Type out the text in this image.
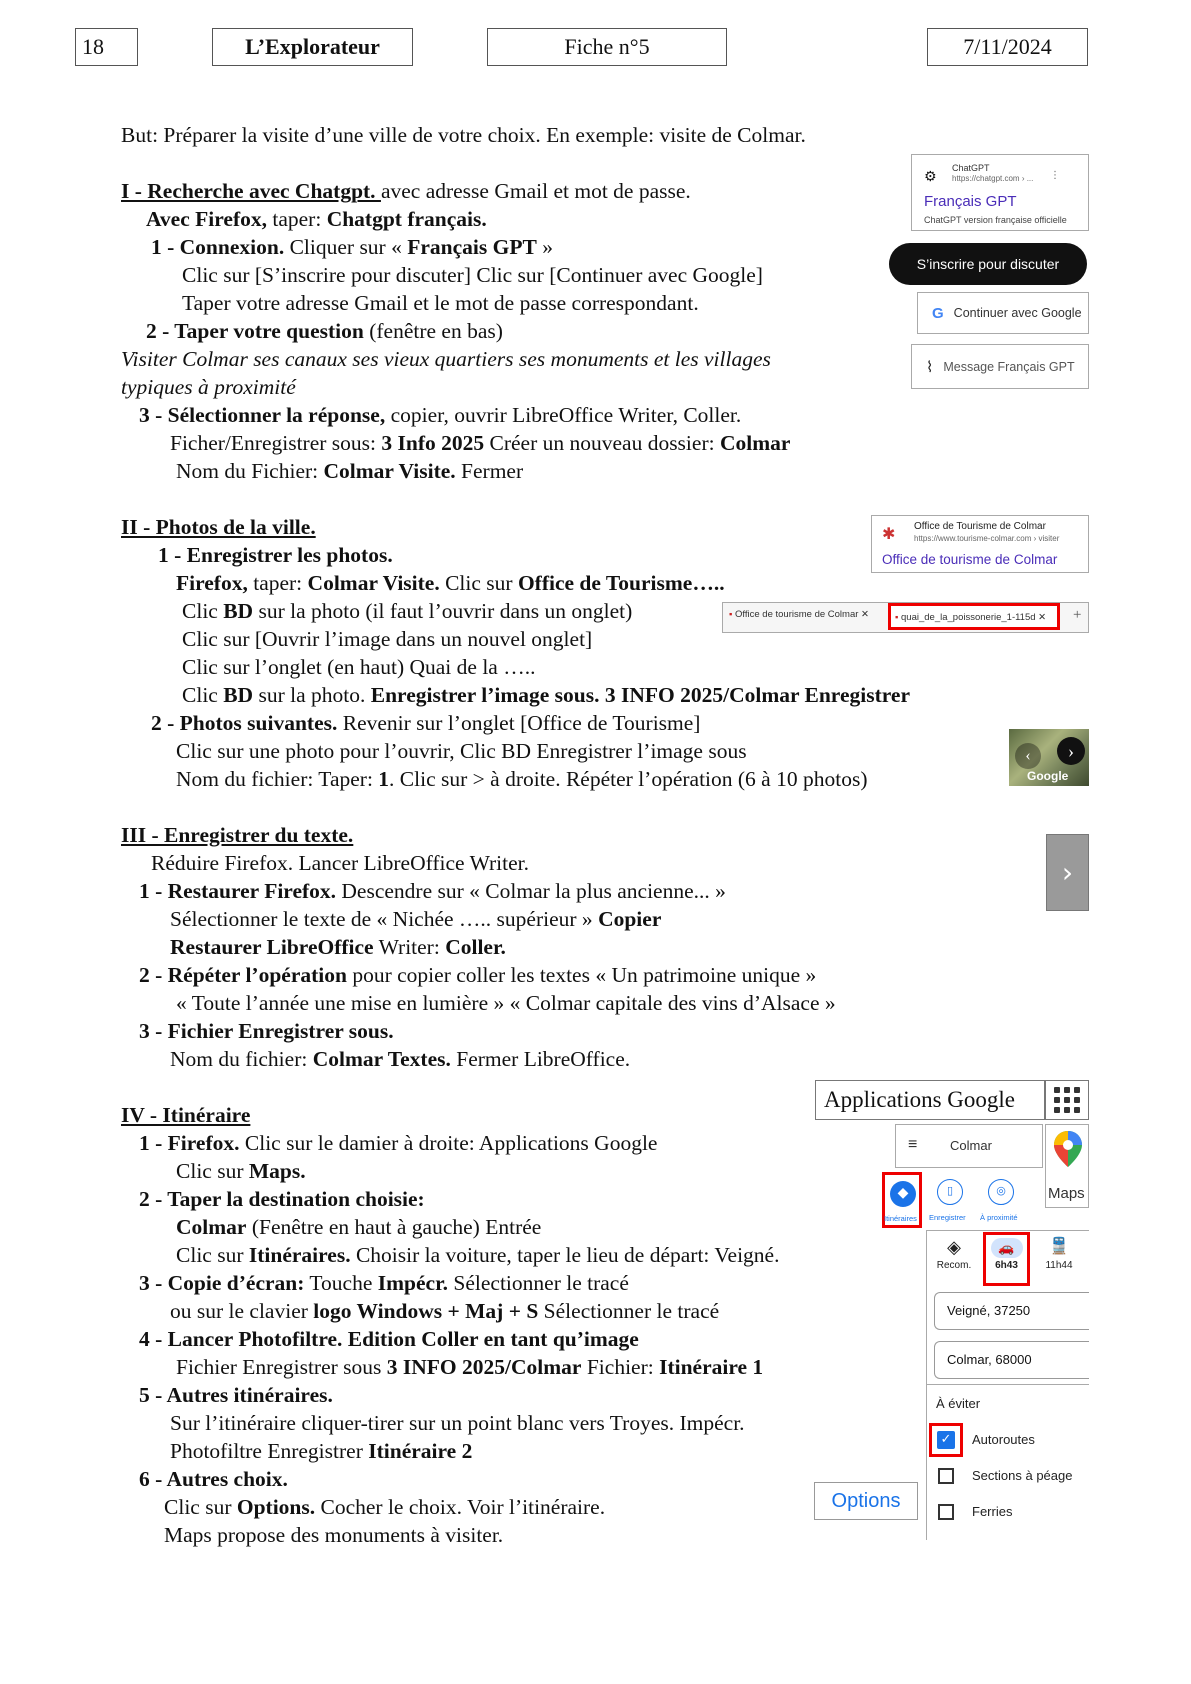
18	L’Explorateur	Fiche n°5	7/11/2024
But: Préparer la visite d’une ville de votre choix. En exemple: visite de Colmar.
I - Recherche avec Chatgpt. avec adresse Gmail et mot de passe.
Avec Firefox, taper: Chatgpt français.
1 - Connexion. Cliquer sur « Français GPT »
Clic sur [S’inscrire pour discuter] Clic sur [Continuer avec Google]
Taper votre adresse Gmail et le mot de passe correspondant.
2 - Taper votre question (fenêtre en bas)
Visiter Colmar ses canaux ses vieux quartiers ses monuments et les villages
typiques à proximité
3 - Sélectionner la réponse, copier, ouvrir LibreOffice Writer, Coller.
Ficher/Enregistrer sous: 3 Info 2025 Créer un nouveau dossier: Colmar
Nom du Fichier: Colmar Visite. Fermer
II - Photos de la ville.
1 - Enregistrer les photos.
Firefox, taper: Colmar Visite. Clic sur Office de Tourisme…..
Clic BD sur la photo (il faut l’ouvrir dans un onglet)
Clic sur [Ouvrir l’image dans un nouvel onglet]
Clic sur l’onglet (en haut) Quai de la …..
Clic BD sur la photo. Enregistrer l’image sous. 3 INFO 2025/Colmar Enregistrer
2 - Photos suivantes. Revenir sur l’onglet [Office de Tourisme]
Clic sur une photo pour l’ouvrir, Clic BD Enregistrer l’image sous
Nom du fichier: Taper: 1. Clic sur > à droite. Répéter l’opération (6 à 10 photos)
III - Enregistrer du texte.
Réduire Firefox. Lancer LibreOffice Writer.
1 - Restaurer Firefox. Descendre sur « Colmar la plus ancienne... »
Sélectionner le texte de « Nichée ….. supérieur » Copier
Restaurer LibreOffice Writer: Coller.
2 - Répéter l’opération pour copier coller les textes « Un patrimoine unique »
« Toute l’année une mise en lumière » « Colmar capitale des vins d’Alsace »
3 - Fichier Enregistrer sous.
Nom du fichier: Colmar Textes. Fermer LibreOffice.
IV - Itinéraire
1 - Firefox. Clic sur le damier à droite: Applications Google
Clic sur Maps.
2 - Taper la destination choisie:
Colmar (Fenêtre en haut à gauche) Entrée
Clic sur Itinéraires. Choisir la voiture, taper le lieu de départ: Veigné.
3 - Copie d’écran: Touche Impécr. Sélectionner le tracé
ou sur le clavier logo Windows + Maj + S Sélectionner le tracé
4 - Lancer Photofiltre. Edition Coller en tant qu’image
Fichier Enregistrer sous 3 INFO 2025/Colmar Fichier: Itinéraire 1
5 - Autres itinéraires.
Sur l’itinéraire cliquer-tirer sur un point blanc vers Troyes. Impécr.
Photofiltre Enregistrer Itinéraire 2
6 - Autres choix.
Clic sur Options. Cocher le choix. Voir l’itinéraire.
Maps propose des monuments à visiter.
⚙ ChatGPT
https://chatgpt.com › ... ⋮
Français GPT
ChatGPT version française officielle
S’inscrire pour discuter
G Continuer avec Google
⌇ Message Français GPT
✱ Office de Tourisme de Colmar
https://www.tourisme-colmar.com › visiter
Office de tourisme de Colmar
▪ Office de tourisme de Colmar ✕	▪ quai_de_la_poissonerie_1-115d ✕	+
‹	›
Google
›
Applications Google
≡	Colmar
Maps
◆
Itinéraires
▯
Enregistrer
◎
À proximité
◈
Recom.
🚗
6h43
🚆
11h44
Veigné, 37250
Colmar, 68000
À éviter
✓ Autoroutes
Sections à péage
Ferries
Options
